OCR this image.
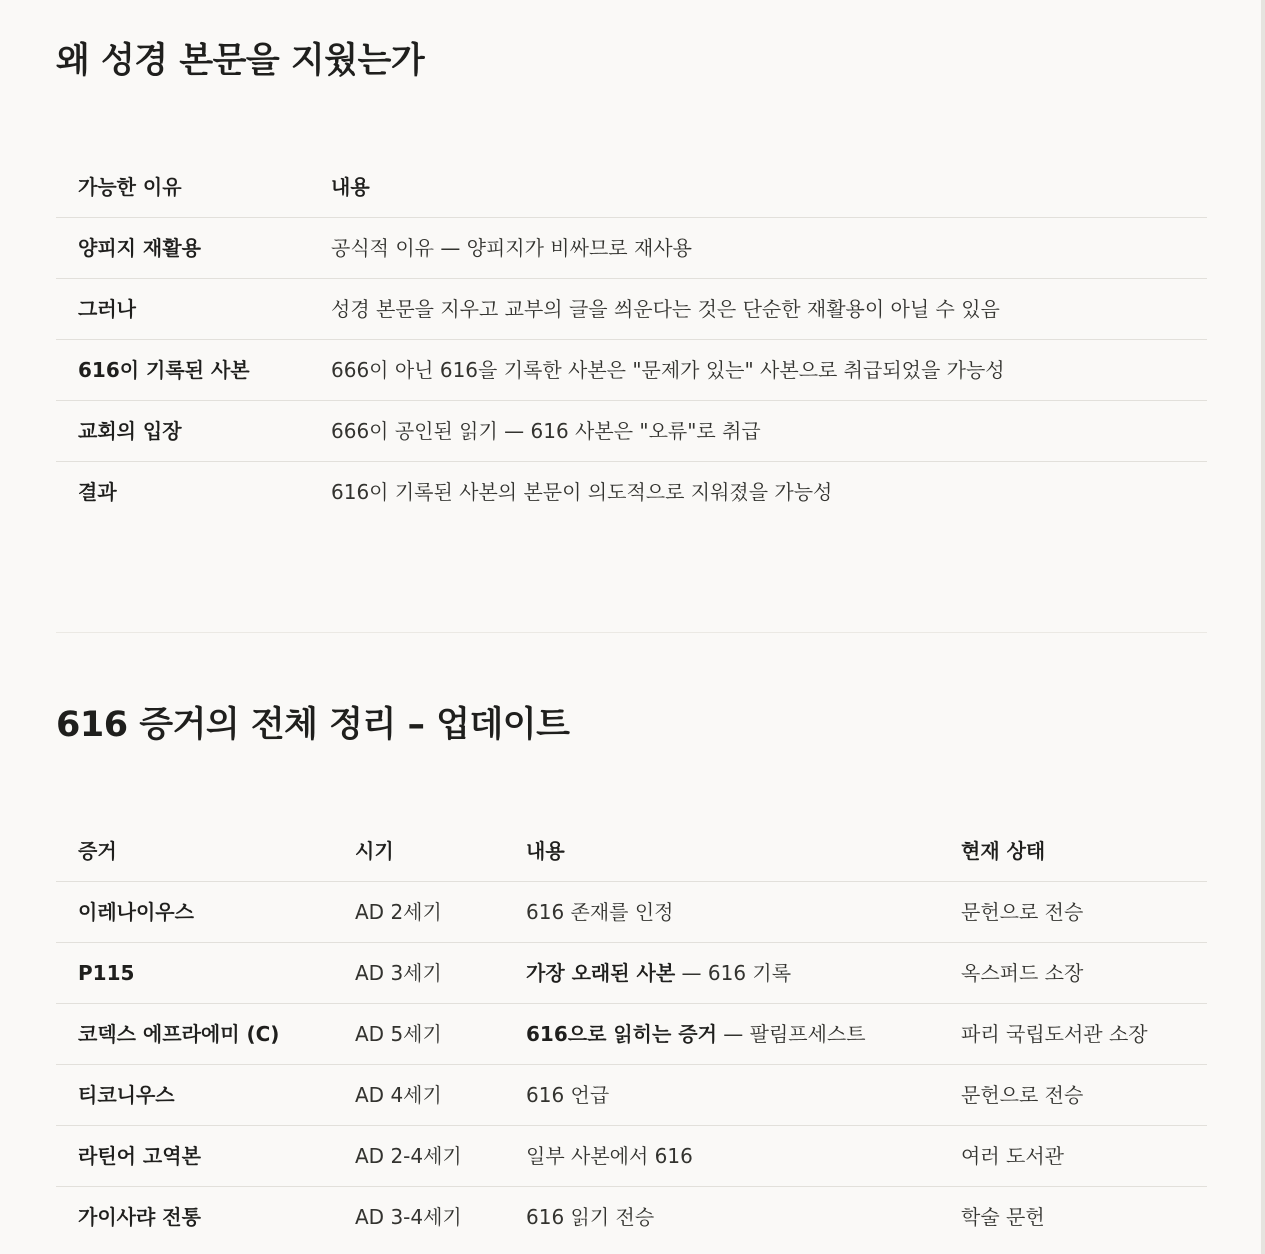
왜 성경 본문을 지웠는가
가능한 이유	내용
양피지 재활용	공식적 이유 — 양피지가 비싸므로 재사용
그러나	성경 본문을 지우고 교부의 글을 씌운다는 것은 단순한 재활용이 아닐 수 있음
616이 기록된 사본	666이 아닌 616을 기록한 사본은 "문제가 있는" 사본으로 취급되었을 가능성
교회의 입장	666이 공인된 읽기 — 616 사본은 "오류"로 취급
결과	616이 기록된 사본의 본문이 의도적으로 지워졌을 가능성
616 증거의 전체 정리 – 업데이트
증거	시기	내용	현재 상태
이레나이우스	AD 2세기	616 존재를 인정	문헌으로 전승
P115	AD 3세기	가장 오래된 사본 — 616 기록	옥스퍼드 소장
코덱스 에프라에미 (C)	AD 5세기	616으로 읽히는 증거 — 팔림프세스트	파리 국립도서관 소장
티코니우스	AD 4세기	616 언급	문헌으로 전승
라틴어 고역본	AD 2-4세기	일부 사본에서 616	여러 도서관
가이사랴 전통	AD 3-4세기	616 읽기 전승	학술 문헌
